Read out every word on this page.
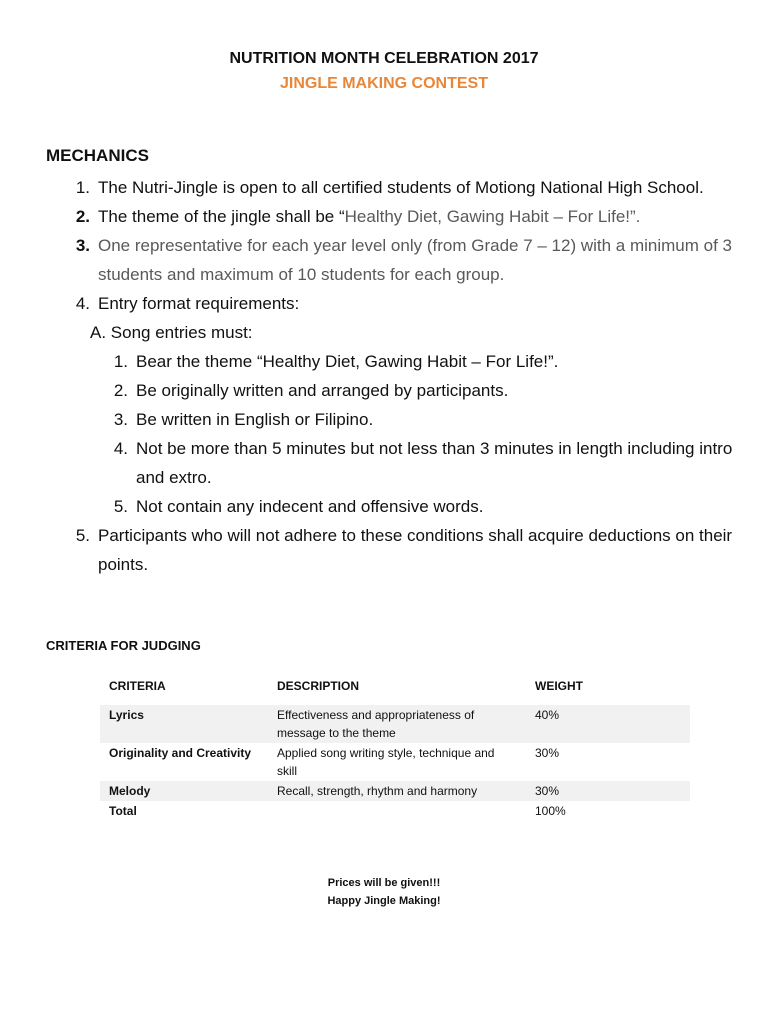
NUTRITION MONTH CELEBRATION 2017
JINGLE MAKING CONTEST
MECHANICS
1. The Nutri-Jingle is open to all certified students of Motiong National High School.
2. The theme of the jingle shall be “Healthy Diet, Gawing Habit – For Life!”.
3. One representative for each year level only (from Grade 7 – 12) with a minimum of 3 students and maximum of 10 students for each group.
4. Entry format requirements:
A. Song entries must:
1. Bear the theme “Healthy Diet, Gawing Habit – For Life!”.
2. Be originally written and arranged by participants.
3. Be written in English or Filipino.
4. Not be more than 5 minutes but not less than 3 minutes in length including intro and extro.
5. Not contain any indecent and offensive words.
5. Participants who will not adhere to these conditions shall acquire deductions on their points.
CRITERIA FOR JUDGING
CRITERIA	DESCRIPTION	WEIGHT
Lyrics	Effectiveness and appropriateness of message to the theme	40%
Originality and Creativity	Applied song writing style, technique and skill	30%
Melody	Recall, strength, rhythm and harmony	30%
Total		100%
Prices will be given!!!
Happy Jingle Making!
